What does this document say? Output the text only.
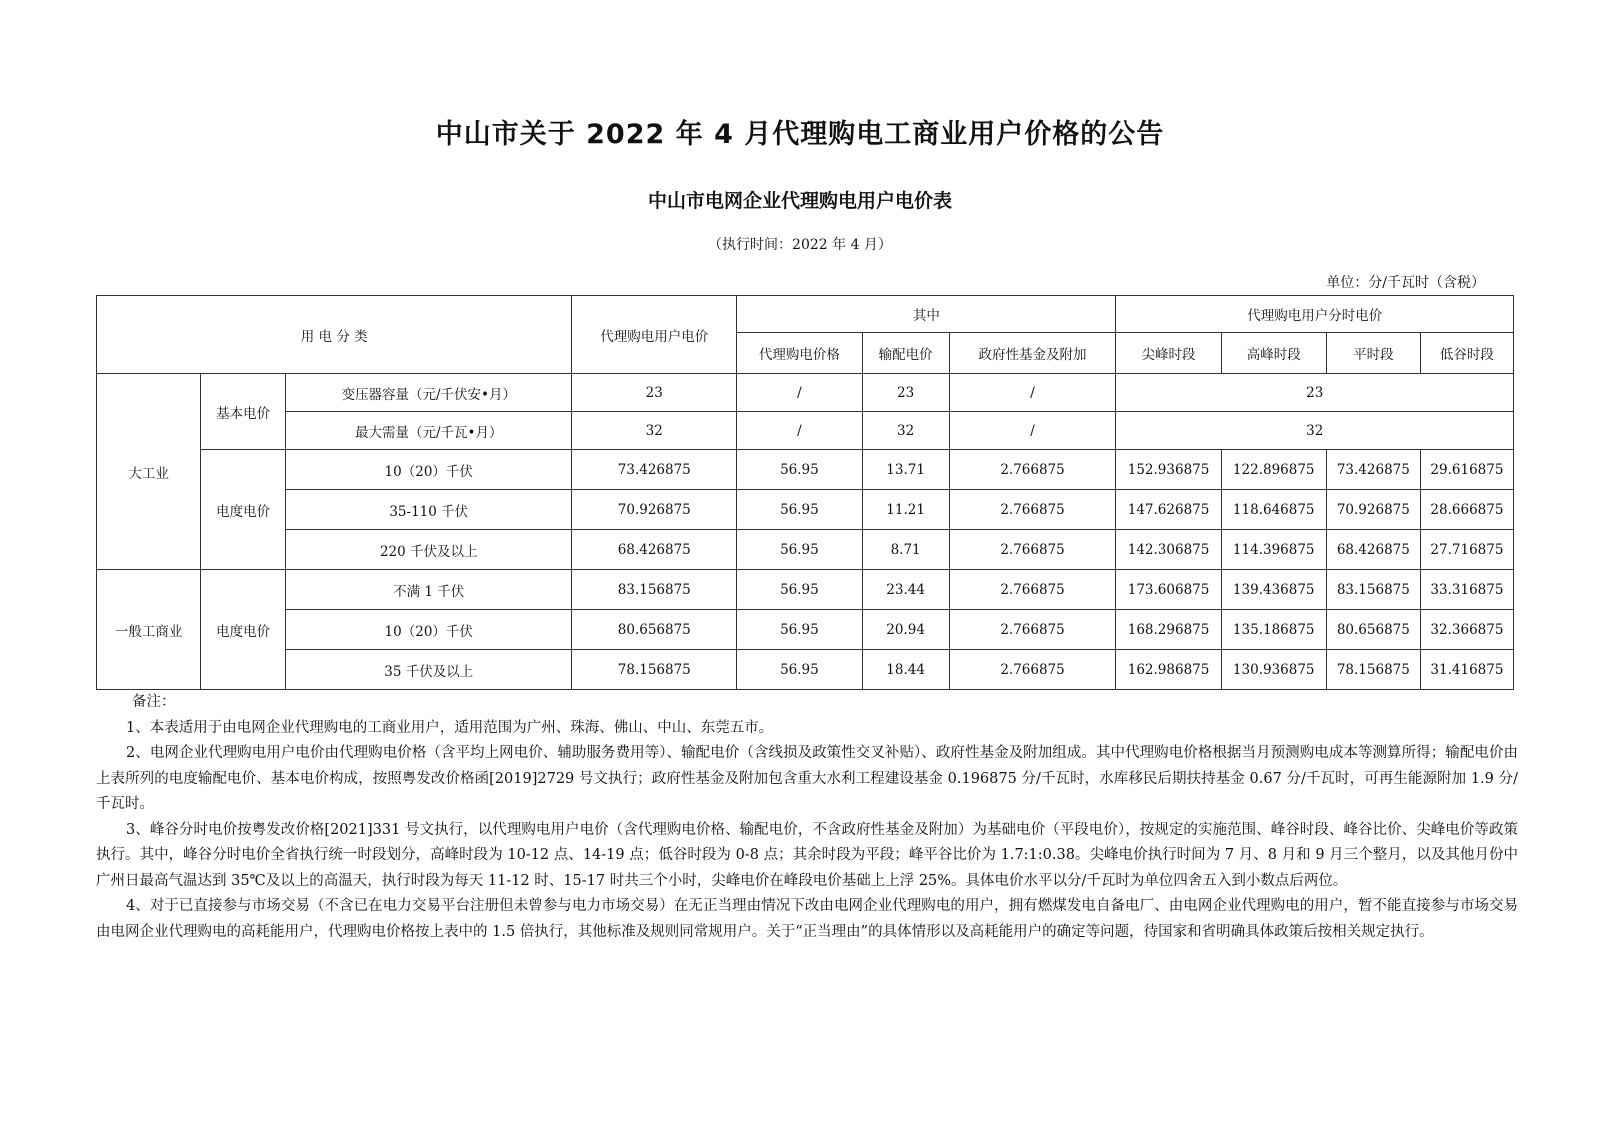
中山市关于 2022 年 4 月代理购电工商业用户价格的公告
中山市电网企业代理购电用户电价表
（执行时间：2022 年 4 月）
单位：分/千瓦时（含税）
用 电 分 类			代理购电用户电价	其中			代理购电用户分时电价			
				代理购电价格	输配电价	政府性基金及附加	尖峰时段	高峰时段	平时段	低谷时段
大工业	基本电价	变压器容量（元/千伏安•月）	23	/	23	/	23			
		最大需量（元/千瓦•月）	32	/	32	/	32			
	电度电价	10（20）千伏	73.426875	56.95	13.71	2.766875	152.936875	122.896875	73.426875	29.616875
		35-110 千伏	70.926875	56.95	11.21	2.766875	147.626875	118.646875	70.926875	28.666875
		220 千伏及以上	68.426875	56.95	8.71	2.766875	142.306875	114.396875	68.426875	27.716875
一般工商业	电度电价	不满 1 千伏	83.156875	56.95	23.44	2.766875	173.606875	139.436875	83.156875	33.316875
		10（20）千伏	80.656875	56.95	20.94	2.766875	168.296875	135.186875	80.656875	32.366875
		35 千伏及以上	78.156875	56.95	18.44	2.766875	162.986875	130.936875	78.156875	31.416875

备注：

1、本表适用于由电网企业代理购电的工商业用户，适用范围为广州、珠海、佛山、中山、东莞五市。

2、电网企业代理购电用户电价由代理购电价格（含平均上网电价、辅助服务费用等）、输配电价（含线损及政策性交叉补贴）、政府性基金及附加组成。其中代理购电价格根据当月预测购电成本等测算所得；输配电价由上表所列的电度输配电价、基本电价构成，按照粤发改价格函[2019]2729 号文执行；政府性基金及附加包含重大水利工程建设基金 0.196875 分/千瓦时，水库移民后期扶持基金 0.67 分/千瓦时，可再生能源附加 1.9 分/千瓦时。

3、峰谷分时电价按粤发改价格[2021]331 号文执行，以代理购电用户电价（含代理购电价格、输配电价，不含政府性基金及附加）为基础电价（平段电价），按规定的实施范围、峰谷时段、峰谷比价、尖峰电价等政策执行。其中，峰谷分时电价全省执行统一时段划分，高峰时段为 10-12 点、14-19 点；低谷时段为 0-8 点；其余时段为平段；峰平谷比价为 1.7:1:0.38。尖峰电价执行时间为 7 月、8 月和 9 月三个整月，以及其他月份中广州日最高气温达到 35℃及以上的高温天，执行时段为每天 11-12 时、15-17 时共三个小时，尖峰电价在峰段电价基础上上浮 25%。具体电价水平以分/千瓦时为单位四舍五入到小数点后两位。

4、对于已直接参与市场交易（不含已在电力交易平台注册但未曾参与电力市场交易）在无正当理由情况下改由电网企业代理购电的用户，拥有燃煤发电自备电厂、由电网企业代理购电的用户，暂不能直接参与市场交易由电网企业代理购电的高耗能用户，代理购电价格按上表中的 1.5 倍执行，其他标准及规则同常规用户。关于“正当理由”的具体情形以及高耗能用户的确定等问题，待国家和省明确具体政策后按相关规定执行。
